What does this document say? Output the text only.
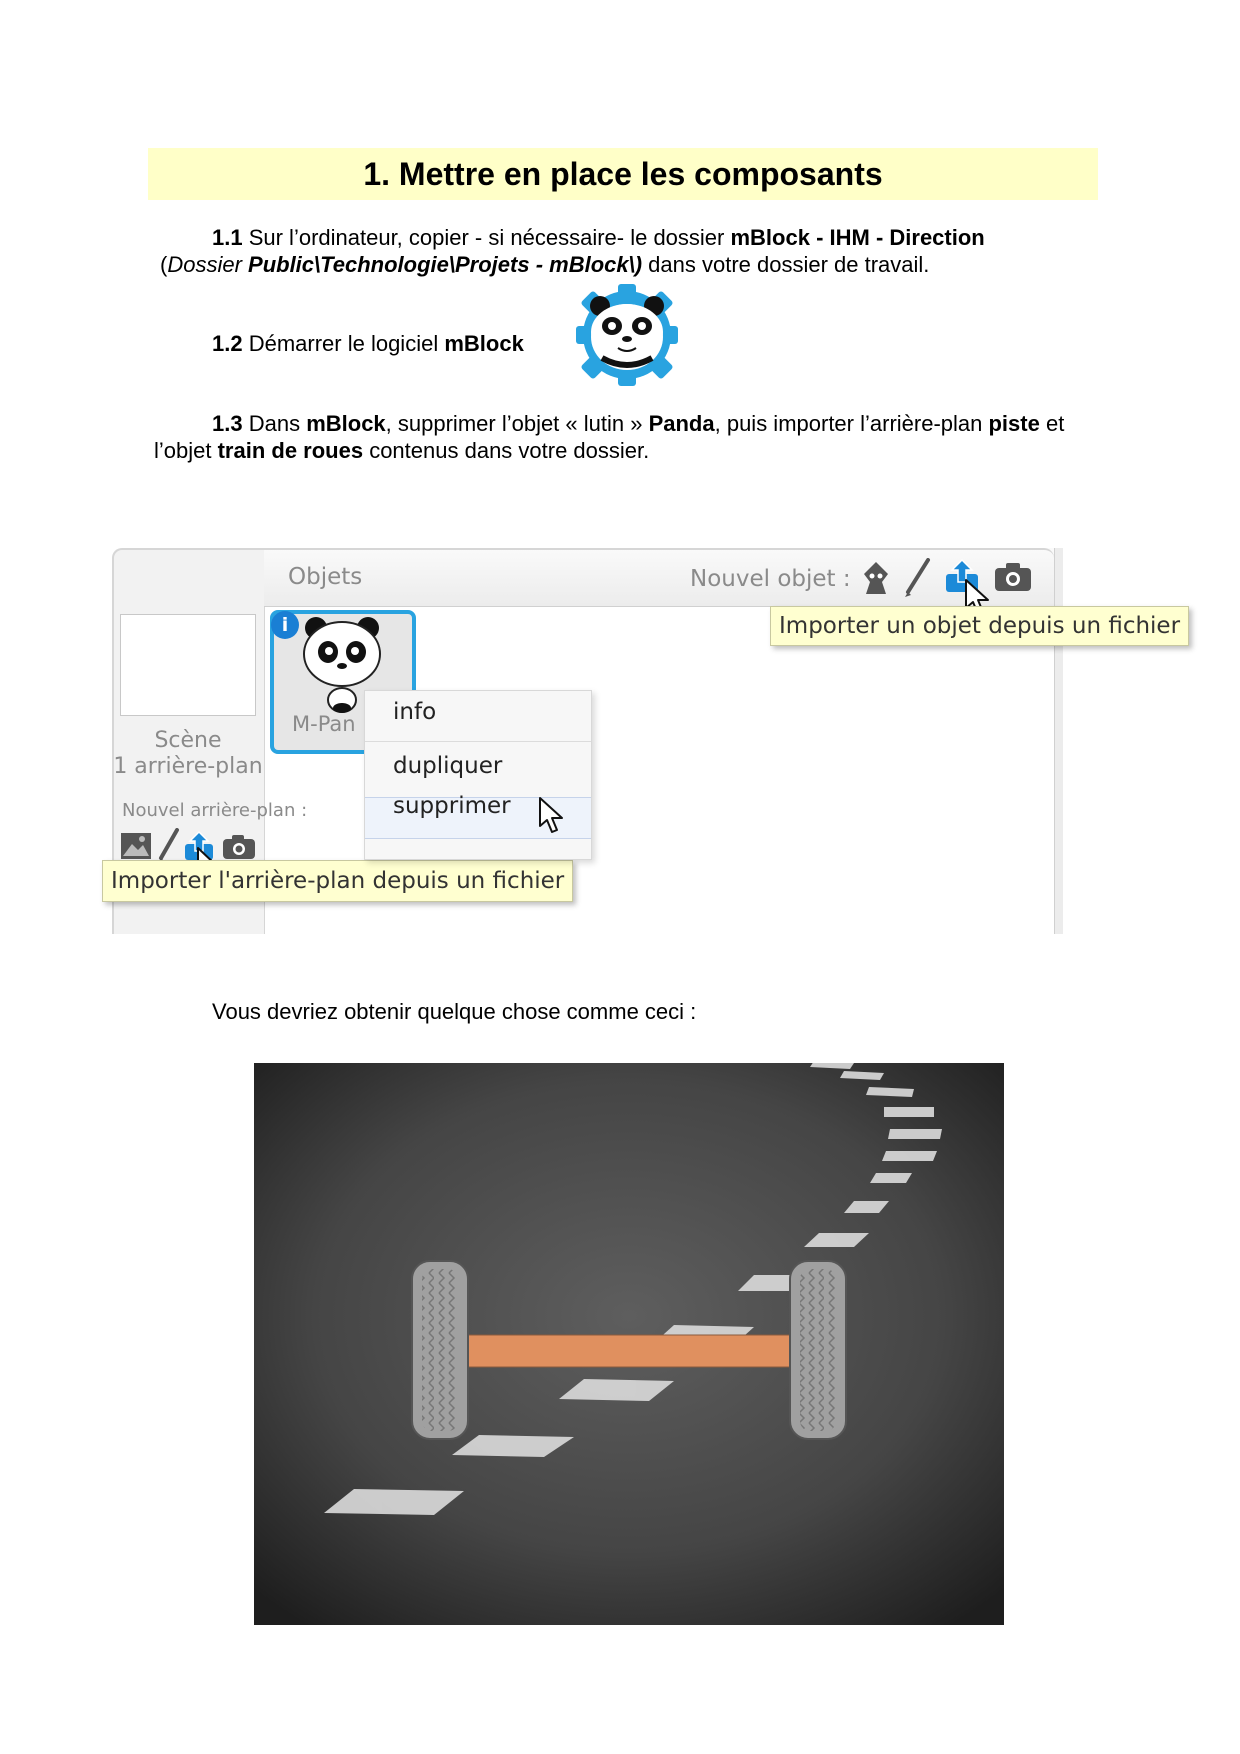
1. Mettre en place les composants
1.1 Sur l’ordinateur, copier - si nécessaire- le dossier mBlock - IHM - Direction
(Dossier Public\Technologie\Projets - mBlock\) dans votre dossier de travail.
1.2 Démarrer le logiciel mBlock
1.3 Dans mBlock, supprimer l’objet « lutin » Panda, puis importer l’arrière-plan piste et
l’objet train de roues contenus dans votre dossier.
Objets	Nouvel objet :
Importer un objet depuis un fichier
Scène
1 arrière-plan
Nouvel arrière-plan :
Importer l'arrière-plan depuis un fichier
i
M-Pan	info
dupliquer
supprimer
Vous devriez obtenir quelque chose comme ceci :
